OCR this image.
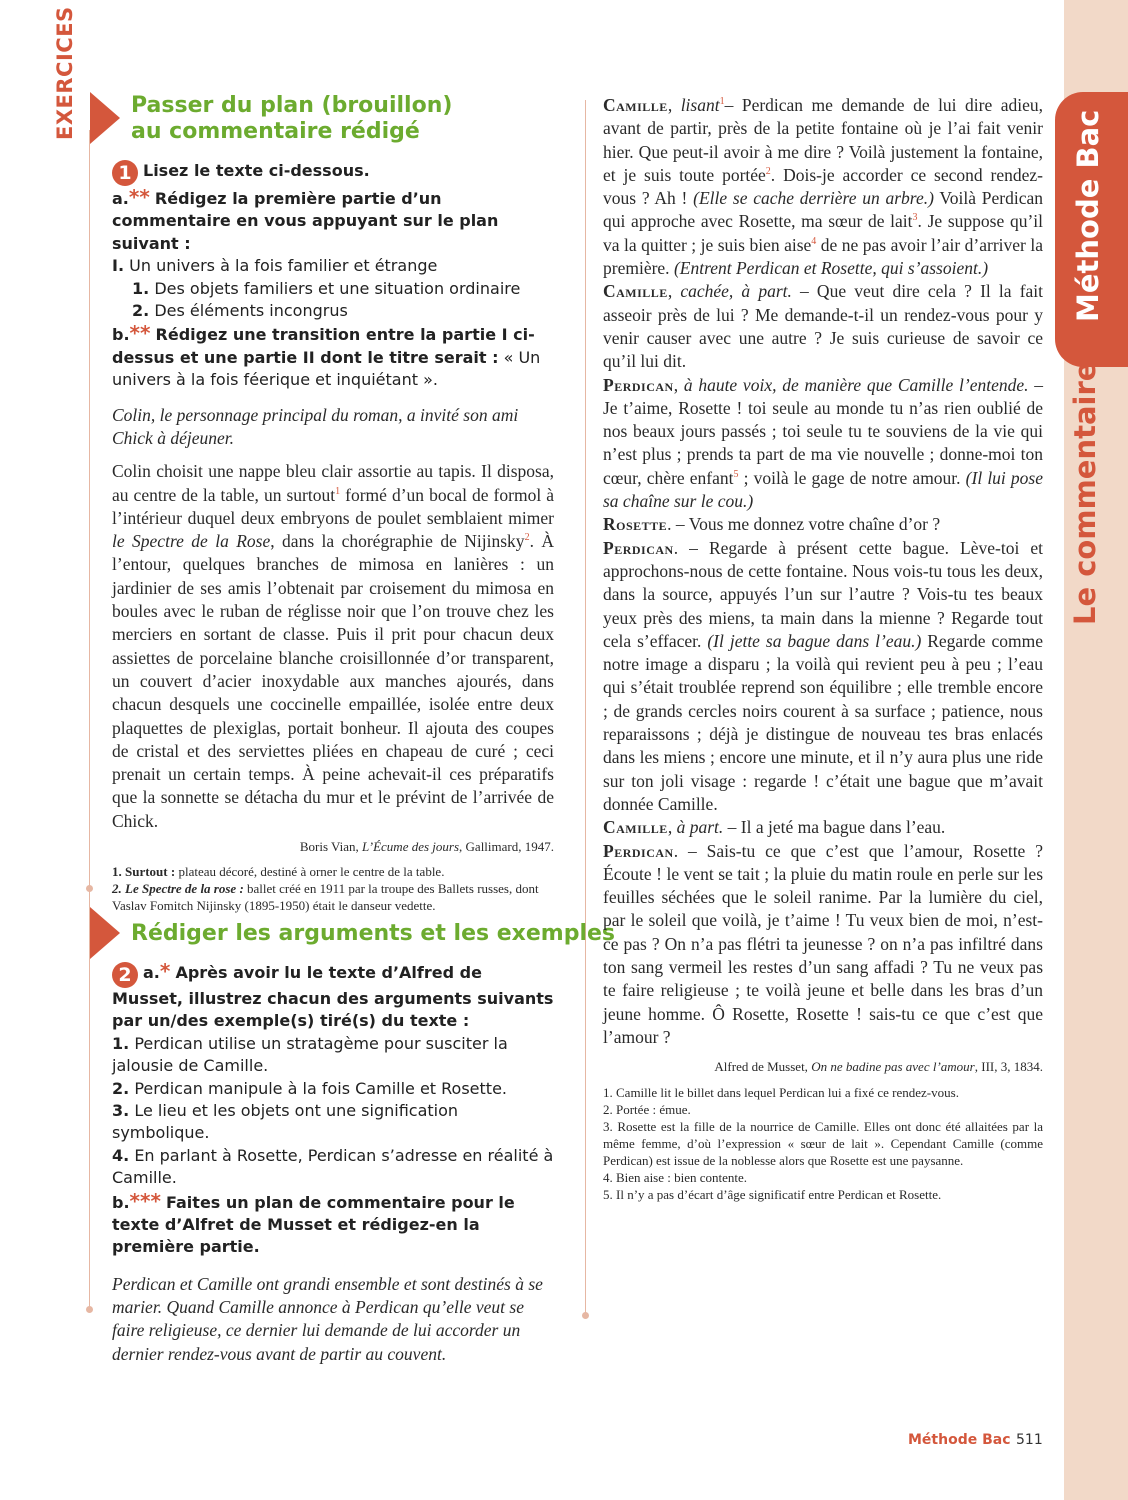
Méthode Bac
Le commentaire
EXERCICES Passer du plan (brouillon)
au commentaire rédigé
1 Lisez le texte ci-dessous.
a.** Rédigez la première partie d’un commentaire en vous appuyant sur le plan suivant :
I. Un univers à la fois familier et étrange
1. Des objets familiers et une situation ordinaire
2. Des éléments incongrus
b.** Rédigez une transition entre la partie I ci-dessus et une partie II dont le titre serait : « Un univers à la fois féerique et inquiétant ».
Colin, le personnage principal du roman, a invité son ami Chick à déjeuner.
Colin choisit une nappe bleu clair assortie au tapis. Il disposa, au centre de la table, un surtout$^1$ formé d’un bocal de formol à l’intérieur duquel deux embryons de poulet semblaient mimer le Spectre de la Rose, dans la chorégraphie de Nijinsky$^2$. À l’entour, quelques branches de mimosa en lanières : un jardinier de ses amis l’obtenait par croisement du mimosa en boules avec le ruban de réglisse noir que l’on trouve chez les merciers en sortant de classe. Puis il prit pour chacun deux assiettes de porcelaine blanche croisillonnée d’or transparent, un couvert d’acier inoxydable aux manches ajourés, dans chacun desquels une coccinelle empaillée, isolée entre deux plaquettes de plexiglas, portait bonheur. Il ajouta des coupes de cristal et des serviettes pliées en chapeau de curé ; ceci prenait un certain temps. À peine achevait-il ces préparatifs que la sonnette se détacha du mur et le prévint de l’arrivée de Chick.
Boris Vian, L’Écume des jours, Gallimard, 1947.
1. Surtout : plateau décoré, destiné à orner le centre de la table.
2. Le Spectre de la rose : ballet créé en 1911 par la troupe des Ballets russes, dont Vaslav Fomitch Nijinsky (1895-1950) était le danseur vedette.
Rédiger les arguments et les exemples
2 a.* Après avoir lu le texte d’Alfred de Musset, illustrez chacun des arguments suivants par un/des exemple(s) tiré(s) du texte :
1. Perdican utilise un stratagème pour susciter la jalousie de Camille.
2. Perdican manipule à la fois Camille et Rosette.
3. Le lieu et les objets ont une signification symbolique.
4. En parlant à Rosette, Perdican s’adresse en réalité à Camille.
b.*** Faites un plan de commentaire pour le texte d’Alfret de Musset et rédigez-en la première partie.
Perdican et Camille ont grandi ensemble et sont destinés à se marier. Quand Camille annonce à Perdican qu’elle veut se faire religieuse, ce dernier lui demande de lui accorder un dernier rendez-vous avant de partir au couvent.

Camille, lisant$^1$– Perdican me demande de lui dire adieu, avant de partir, près de la petite fontaine où je l’ai fait venir hier. Que peut-il avoir à me dire ? Voilà justement la fontaine, et je suis toute portée$^2$. Dois-je accorder ce second rendez-vous ? Ah ! (Elle se cache derrière un arbre.) Voilà Perdican qui approche avec Rosette, ma sœur de lait$^3$. Je suppose qu’il va la quitter ; je suis bien aise$^4$ de ne pas avoir l’air d’arriver la première. (Entrent Perdican et Rosette, qui s’assoient.)

Camille, cachée, à part. – Que veut dire cela ? Il la fait asseoir près de lui ? Me demande-t-il un rendez-vous pour y venir causer avec une autre ? Je suis curieuse de savoir ce qu’il lui dit.

Perdican, à haute voix, de manière que Camille l’entende. – Je t’aime, Rosette ! toi seule au monde tu n’as rien oublié de nos beaux jours passés ; toi seule tu te souviens de la vie qui n’est plus ; prends ta part de ma vie nouvelle ; donne-moi ton cœur, chère enfant$^5$ ; voilà le gage de notre amour. (Il lui pose sa chaîne sur le cou.)

Rosette. – Vous me donnez votre chaîne d’or ?

Perdican. – Regarde à présent cette bague. Lève-toi et approchons-nous de cette fontaine. Nous vois-tu tous les deux, dans la source, appuyés l’un sur l’autre ? Vois-tu tes beaux yeux près des miens, ta main dans la mienne ? Regarde tout cela s’effacer. (Il jette sa bague dans l’eau.) Regarde comme notre image a disparu ; la voilà qui revient peu à peu ; l’eau qui s’était troublée reprend son équilibre ; elle tremble encore ; de grands cercles noirs courent à sa surface ; patience, nous reparaissons ; déjà je distingue de nouveau tes bras enlacés dans les miens ; encore une minute, et il n’y aura plus une ride sur ton joli visage : regarde ! c’était une bague que m’avait donnée Camille.

Camille, à part. – Il a jeté ma bague dans l’eau.

Perdican. – Sais-tu ce que c’est que l’amour, Rosette ? Écoute ! le vent se tait ; la pluie du matin roule en perle sur les feuilles séchées que le soleil ranime. Par la lumière du ciel, par le soleil que voilà, je t’aime ! Tu veux bien de moi, n’est-ce pas ? On n’a pas flétri ta jeunesse ? on n’a pas infiltré dans ton sang vermeil les restes d’un sang affadi ? Tu ne veux pas te faire religieuse ; te voilà jeune et belle dans les bras d’un jeune homme. Ô Rosette, Rosette ! sais-tu ce que c’est que l’amour ?

Alfred de Musset, On ne badine pas avec l’amour, III, 3, 1834.
1. Camille lit le billet dans lequel Perdican lui a fixé ce rendez-vous.
2. Portée : émue.
3. Rosette est la fille de la nourrice de Camille. Elles ont donc été allaitées par la même femme, d’où l’expression « sœur de lait ». Cependant Camille (comme Perdican) est issue de la noblesse alors que Rosette est une paysanne.
4. Bien aise : bien contente.
5. Il n’y a pas d’écart d’âge significatif entre Perdican et Rosette.
Méthode Bac 511
